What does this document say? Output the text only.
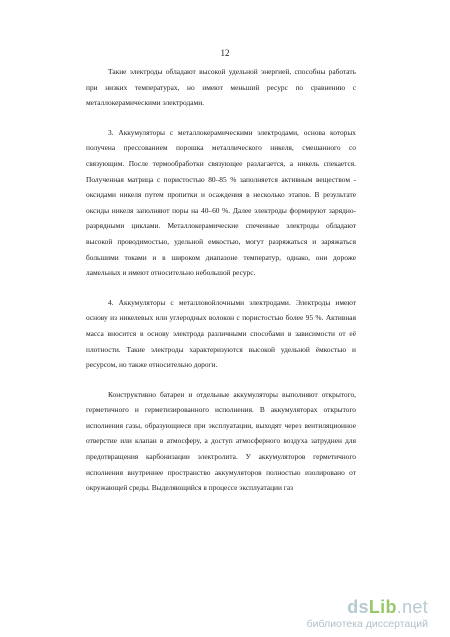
12

Такие электроды обладают высокой удельной энергией, способны работать при низких температурах, но имеют меньший ресурс по сравнению с металлокерамическими электродами.

3. Аккумуляторы с металлокерамическими электродами, основа которых получена прессованием порошка металлического никеля, смешанного со связующим. После термообработки связующее разлагается, а никель спекается. Полученная матрица с пористостью 80–85 % заполняется активным веществом - оксидами никеля путем пропитки и осаждения в несколько этапов. В результате оксиды никеля заполняют поры на 40–60 %. Далее электроды формируют зарядно-разрядными циклами. Металлокерамические спеченные электроды обладают высокой проводимостью, удельной емкостью, могут разряжаться и заряжаться большими токами и в широком диапазоне температур, однако, они дороже ламельных и имеют относительно небольшой ресурс.

4. Аккумуляторы с металловойлочными электродами. Электроды имеют основу из никелевых или углеродных волокон с пористостью более 95 %. Активная масса вносится в основу электрода различными способами в зависимости от её плотности. Такие электроды характеризуются высокой удельной ёмкостью и ресурсом, но также относительно дороги.

Конструктивно батареи и отдельные аккумуляторы выполняют открытого, герметичного и герметизированного исполнения. В аккумуляторах открытого исполнения газы, образующиеся при эксплуатации, выходят через вентиляционное отверстие или клапан в атмосферу, а доступ атмосферного воздуха затруднен для предотвращения карбонизации электролита. У аккумуляторов герметичного исполнения внутреннее пространство аккумуляторов полностью изолировано от окружающей среды. Выделяющийся в процессе эксплуатации газ

dsLib.net
библиотека диссертаций
